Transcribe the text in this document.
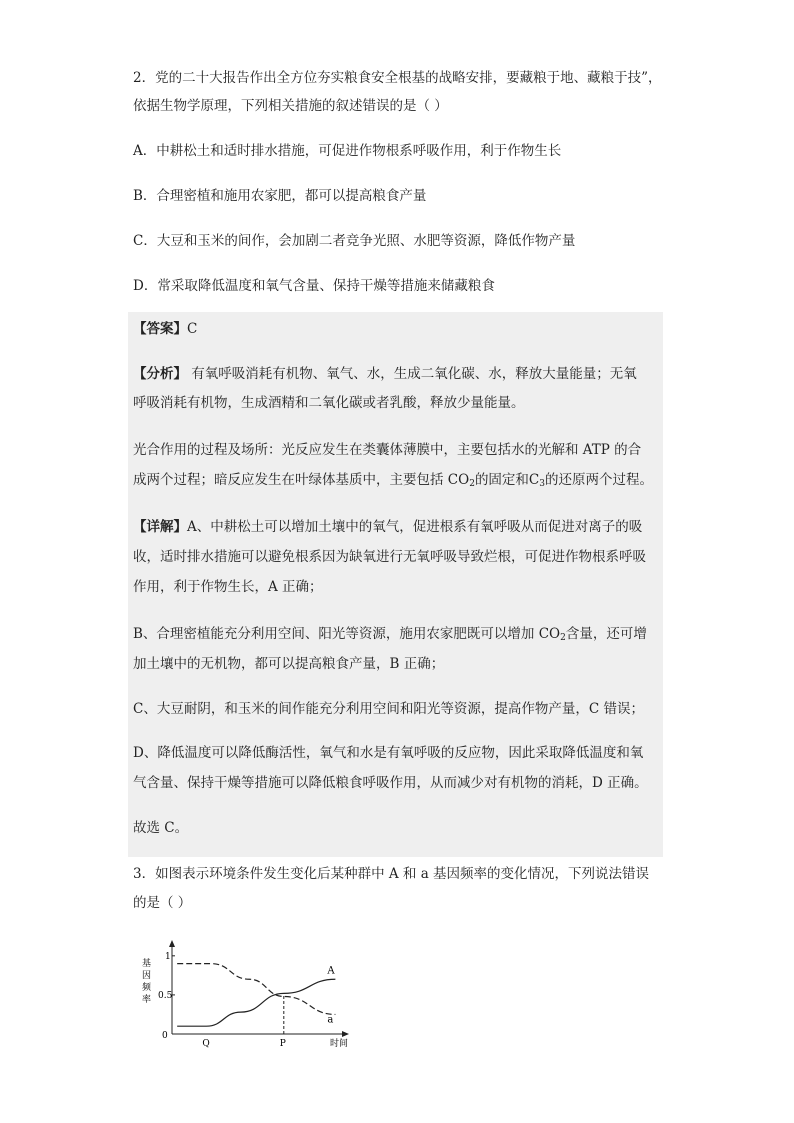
2．党的二十大报告作出全方位夯实粮食安全根基的战略安排，要藏粮于地、藏粮于技”，
依据生物学原理，下列相关措施的叙述错误的是（ ）
A．中耕松土和适时排水措施，可促进作物根系呼吸作用，利于作物生长
B．合理密植和施用农家肥，都可以提高粮食产量
C．大豆和玉米的间作，会加剧二者竞争光照、水肥等资源，降低作物产量
D．常采取降低温度和氧气含量、保持干燥等措施来储藏粮食
【答案】C
【分析】 有氧呼吸消耗有机物、氧气、水，生成二氧化碳、水，释放大量能量；无氧
呼吸消耗有机物，生成酒精和二氧化碳或者乳酸，释放少量能量。
光合作用的过程及场所：光反应发生在类囊体薄膜中，主要包括水的光解和 ATP 的合
成两个过程；暗反应发生在叶绿体基质中，主要包括 $CO_2$的固定和$C_3$的还原两个过程。
【详解】A、中耕松土可以增加土壤中的氧气，促进根系有氧呼吸从而促进对离子的吸
收，适时排水措施可以避免根系因为缺氧进行无氧呼吸导致烂根，可促进作物根系呼吸
作用，利于作物生长，A 正确；
B、合理密植能充分利用空间、阳光等资源，施用农家肥既可以增加 $CO_2$含量，还可增
加土壤中的无机物，都可以提高粮食产量，B 正确；
C、大豆耐阴，和玉米的间作能充分利用空间和阳光等资源，提高作物产量，C 错误；
D、降低温度可以降低酶活性，氧气和水是有氧呼吸的反应物，因此采取降低温度和氧
气含量、保持干燥等措施可以降低粮食呼吸作用，从而减少对有机物的消耗，D 正确。
故选 C。
3．如图表示环境条件发生变化后某种群中 A 和 a 基因频率的变化情况，下列说法错误
的是（ ）
0
时间
基
因
频
率
1
0.5
Q	P
A
a
